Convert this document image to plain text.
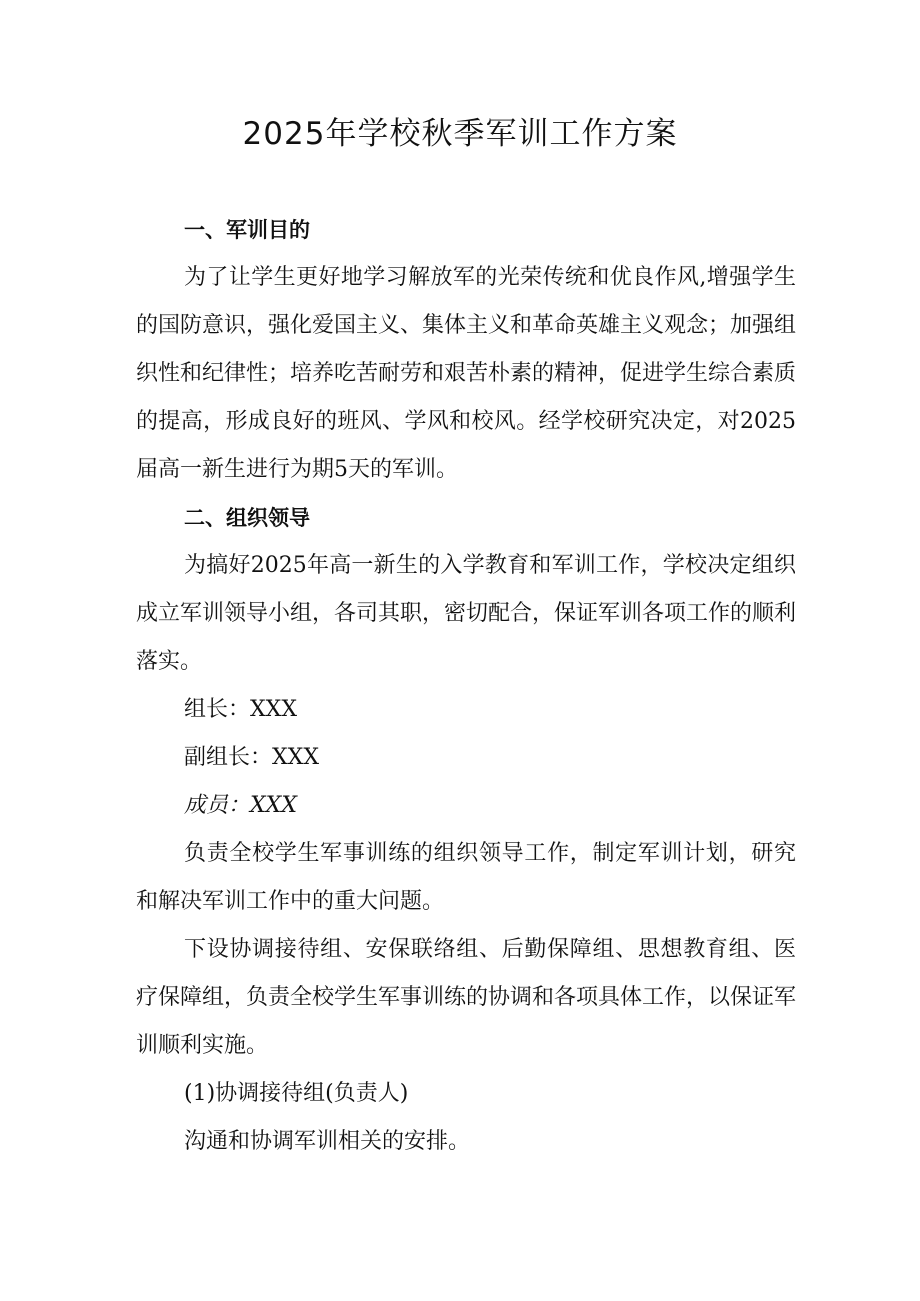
2025年学校秋季军训工作方案

一、军训目的

为了让学生更好地学习解放军的光荣传统和优良作风,增强学生的国防意识，强化爱国主义、集体主义和革命英雄主义观念；加强组织性和纪律性；培养吃苦耐劳和艰苦朴素的精神，促进学生综合素质的提高，形成良好的班风、学风和校风。经学校研究决定，对2025届高一新生进行为期5天的军训。

二、组织领导

为搞好2025年高一新生的入学教育和军训工作，学校决定组织成立军训领导小组，各司其职，密切配合，保证军训各项工作的顺利落实。

组长：XXX

副组长：XXX

成员：XXX

负责全校学生军事训练的组织领导工作，制定军训计划，研究和解决军训工作中的重大问题。

下设协调接待组、安保联络组、后勤保障组、思想教育组、医疗保障组，负责全校学生军事训练的协调和各项具体工作，以保证军训顺利实施。

(1)协调接待组(负责人)

沟通和协调军训相关的安排。
